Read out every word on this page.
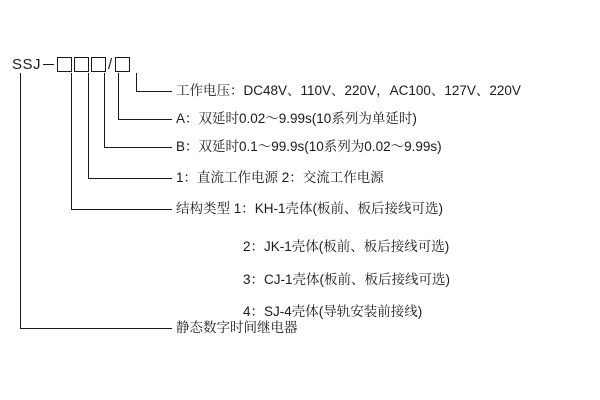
SSJ	/
工作电压：DC48V、110V、220V，AC100、127V、220V
A：双延时0.02～9.99s(10系列为单延时)
B：双延时0.1～99.9s(10系列为0.02～9.99s)
1：直流工作电源 2：交流工作电源
结构类型 1：KH-1壳体(板前、板后接线可选)
2：JK-1壳体(板前、板后接线可选)
3：CJ-1壳体(板前、板后接线可选)
4：SJ-4壳体(导轨安装前接线)
静态数字时间继电器
